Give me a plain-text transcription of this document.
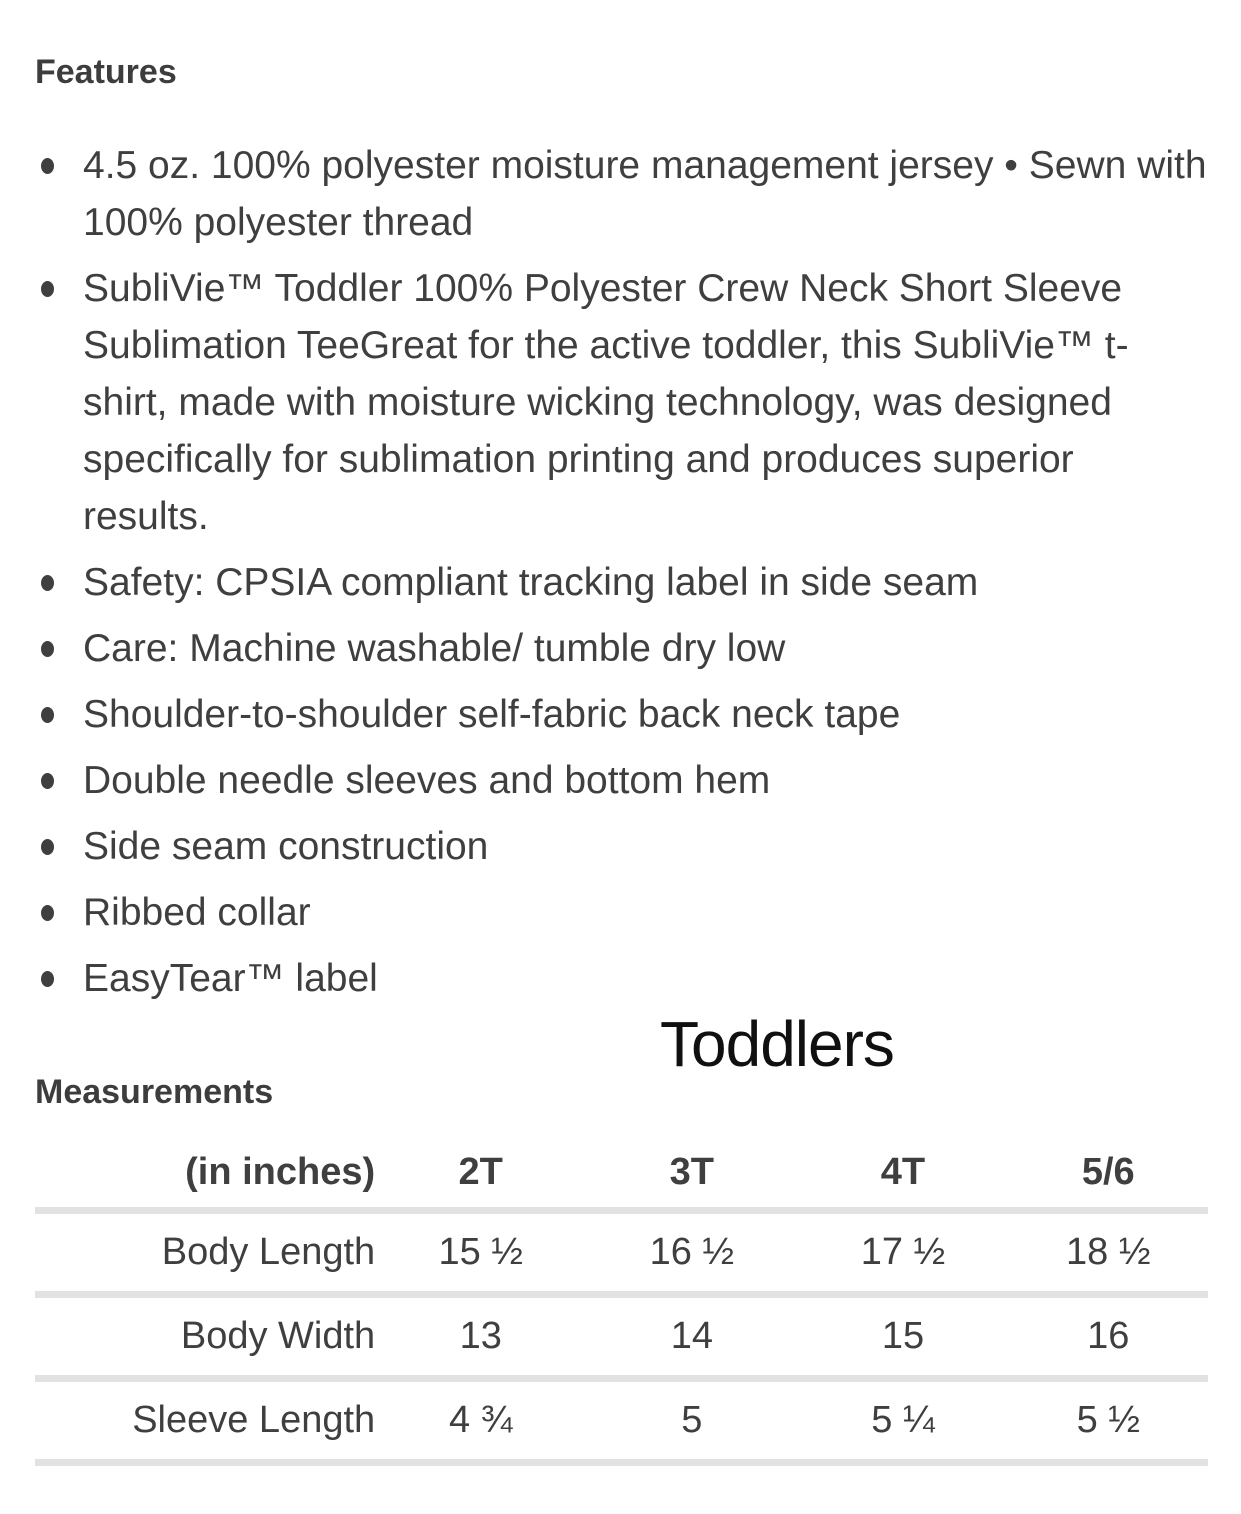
Features
4.5 oz. 100% polyester moisture management jersey • Sewn with 100% polyester thread
SubliVie™ Toddler 100% Polyester Crew Neck Short Sleeve Sublimation TeeGreat for the active toddler, this SubliVie™ t-shirt, made with moisture wicking technology, was designed specifically for sublimation printing and produces superior results.
Safety: CPSIA compliant tracking label in side seam
Care: Machine washable/ tumble dry low
Shoulder-to-shoulder self-fabric back neck tape
Double needle sleeves and bottom hem
Side seam construction
Ribbed collar
EasyTear™ label
Measurements
Toddlers
(in inches)	2T	3T	4T	5/6
Body Length	15 ½	16 ½	17 ½	18 ½
Body Width	13	14	15	16
Sleeve Length	4 ¾	5	5 ¼	5 ½
